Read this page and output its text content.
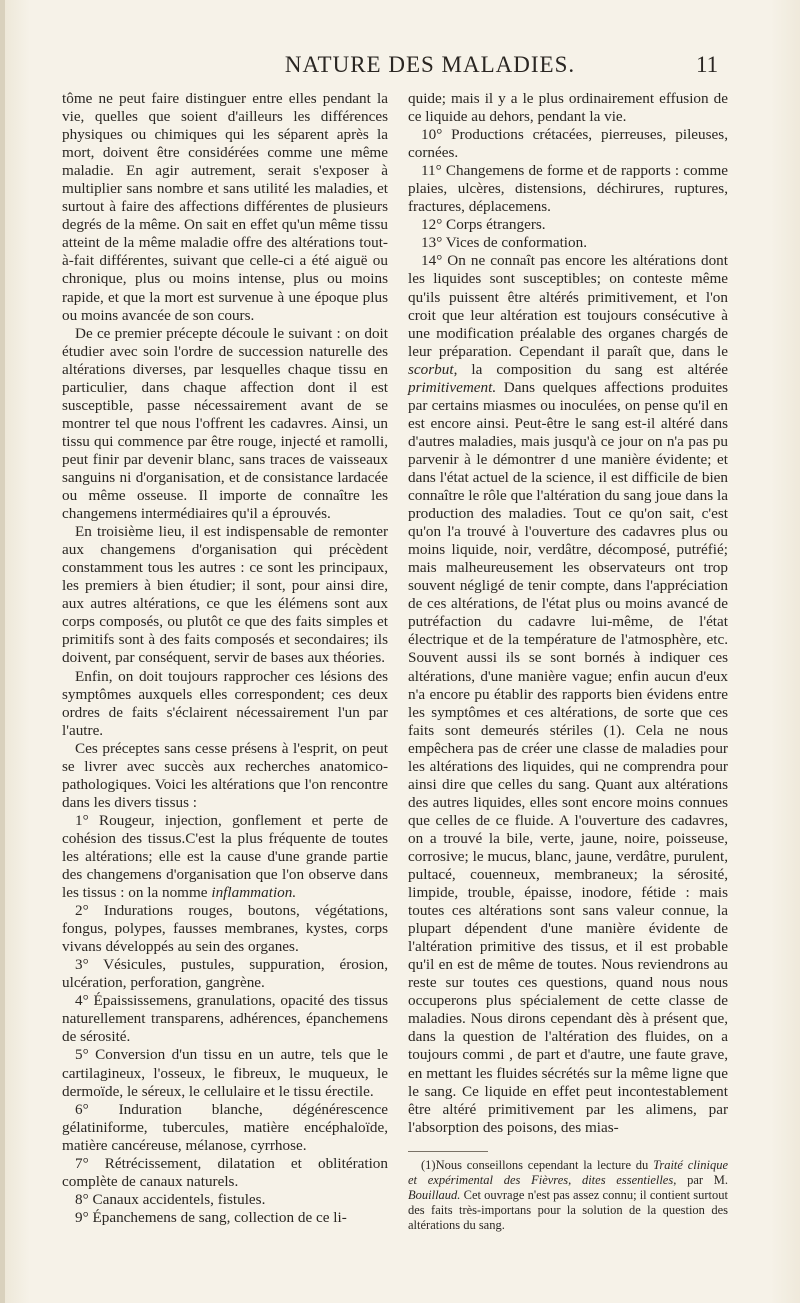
NATURE DES MALADIES.	11

tôme ne peut faire distinguer entre elles pendant la vie, quelles que soient d'ailleurs les différences physiques ou chimiques qui les séparent après la mort, doivent être considérées comme une même maladie. En agir autrement, serait s'exposer à multiplier sans nombre et sans utilité les maladies, et surtout à faire des affections différentes de plusieurs degrés de la même. On sait en effet qu'un même tissu atteint de la même maladie offre des altérations tout-à-fait différentes, suivant que celle-ci a été aiguë ou chronique, plus ou moins intense, plus ou moins rapide, et que la mort est survenue à une époque plus ou moins avancée de son cours.

De ce premier précepte découle le suivant : on doit étudier avec soin l'ordre de succession naturelle des altérations diverses, par lesquelles chaque tissu en particulier, dans chaque affection dont il est susceptible, passe nécessairement avant de se montrer tel que nous l'offrent les cadavres. Ainsi, un tissu qui commence par être rouge, injecté et ramolli, peut finir par devenir blanc, sans traces de vaisseaux sanguins ni d'organisation, et de consistance lardacée ou même osseuse. Il importe de connaître les changemens intermédiaires qu'il a éprouvés.

En troisième lieu, il est indispensable de remonter aux changemens d'organisation qui précèdent constamment tous les autres : ce sont les principaux, les premiers à bien étudier; il sont, pour ainsi dire, aux autres altérations, ce que les élémens sont aux corps composés, ou plutôt ce que des faits simples et primitifs sont à des faits composés et secondaires; ils doivent, par conséquent, servir de bases aux théories.

Enfin, on doit toujours rapprocher ces lésions des symptômes auxquels elles correspondent; ces deux ordres de faits s'éclairent nécessairement l'un par l'autre.

Ces préceptes sans cesse présens à l'esprit, on peut se livrer avec succès aux recherches anatomico-pathologiques. Voici les altérations que l'on rencontre dans les divers tissus :

1° Rougeur, injection, gonflement et perte de cohésion des tissus.C'est la plus fréquente de toutes les altérations; elle est la cause d'une grande partie des changemens d'organisation que l'on observe dans les tissus : on la nomme inflammation.

2° Indurations rouges, boutons, végétations, fongus, polypes, fausses membranes, kystes, corps vivans développés au sein des organes.

3° Vésicules, pustules, suppuration, érosion, ulcération, perforation, gangrène.

4° Épaississemens, granulations, opacité des tissus naturellement transparens, adhérences, épanchemens de sérosité.

5° Conversion d'un tissu en un autre, tels que le cartilagineux, l'osseux, le fibreux, le muqueux, le dermoïde, le séreux, le cellulaire et le tissu érectile.

6° Induration blanche, dégénérescence gélatiniforme, tubercules, matière encéphaloïde, matière cancéreuse, mélanose, cyrrhose.

7° Rétrécissement, dilatation et oblitération complète de canaux naturels.

8° Canaux accidentels, fistules.

9° Épanchemens de sang, collection de ce li-

quide; mais il y a le plus ordinairement effusion de ce liquide au dehors, pendant la vie.

10° Productions crétacées, pierreuses, pileuses, cornées.

11° Changemens de forme et de rapports : comme plaies, ulcères, distensions, déchirures, ruptures, fractures, déplacemens.

12° Corps étrangers.

13° Vices de conformation.

14° On ne connaît pas encore les altérations dont les liquides sont susceptibles; on conteste même qu'ils puissent être altérés primitivement, et l'on croit que leur altération est toujours consécutive à une modification préalable des organes chargés de leur préparation. Cependant il paraît que, dans le scorbut, la composition du sang est altérée primitivement. Dans quelques affections produites par certains miasmes ou inoculées, on pense qu'il en est encore ainsi. Peut-être le sang est-il altéré dans d'autres maladies, mais jusqu'à ce jour on n'a pas pu parvenir à le démontrer d une manière évidente; et dans l'état actuel de la science, il est difficile de bien connaître le rôle que l'altération du sang joue dans la production des maladies. Tout ce qu'on sait, c'est qu'on l'a trouvé à l'ouverture des cadavres plus ou moins liquide, noir, verdâtre, décomposé, putréfié; mais malheureusement les observateurs ont trop souvent négligé de tenir compte, dans l'appréciation de ces altérations, de l'état plus ou moins avancé de putréfaction du cadavre lui-même, de l'état électrique et de la température de l'atmosphère, etc. Souvent aussi ils se sont bornés à indiquer ces altérations, d'une manière vague; enfin aucun d'eux n'a encore pu établir des rapports bien évidens entre les symptômes et ces altérations, de sorte que ces faits sont demeurés stériles (1). Cela ne nous empêchera pas de créer une classe de maladies pour les altérations des liquides, qui ne comprendra pour ainsi dire que celles du sang. Quant aux altérations des autres liquides, elles sont encore moins connues que celles de ce fluide. A l'ouverture des cadavres, on a trouvé la bile, verte, jaune, noire, poisseuse, corrosive; le mucus, blanc, jaune, verdâtre, purulent, pultacé, couenneux, membraneux; la sérosité, limpide, trouble, épaisse, inodore, fétide : mais toutes ces altérations sont sans valeur connue, la plupart dépendent d'une manière évidente de l'altération primitive des tissus, et il est probable qu'il en est de même de toutes. Nous reviendrons au reste sur toutes ces questions, quand nous nous occuperons plus spécialement de cette classe de maladies. Nous dirons cependant dès à présent que, dans la question de l'altération des fluides, on a toujours commi , de part et d'autre, une faute grave, en mettant les fluides sécrétés sur la même ligne que le sang. Ce liquide en effet peut incontestablement être altéré primitivement par les alimens, par l'absorption des poisons, des mias-

(1)Nous conseillons cependant la lecture du Traité clinique et expérimental des Fièvres, dites essentielles, par M. Bouillaud. Cet ouvrage n'est pas assez connu; il contient surtout des faits très-importans pour la solution de la question des altérations du sang.
